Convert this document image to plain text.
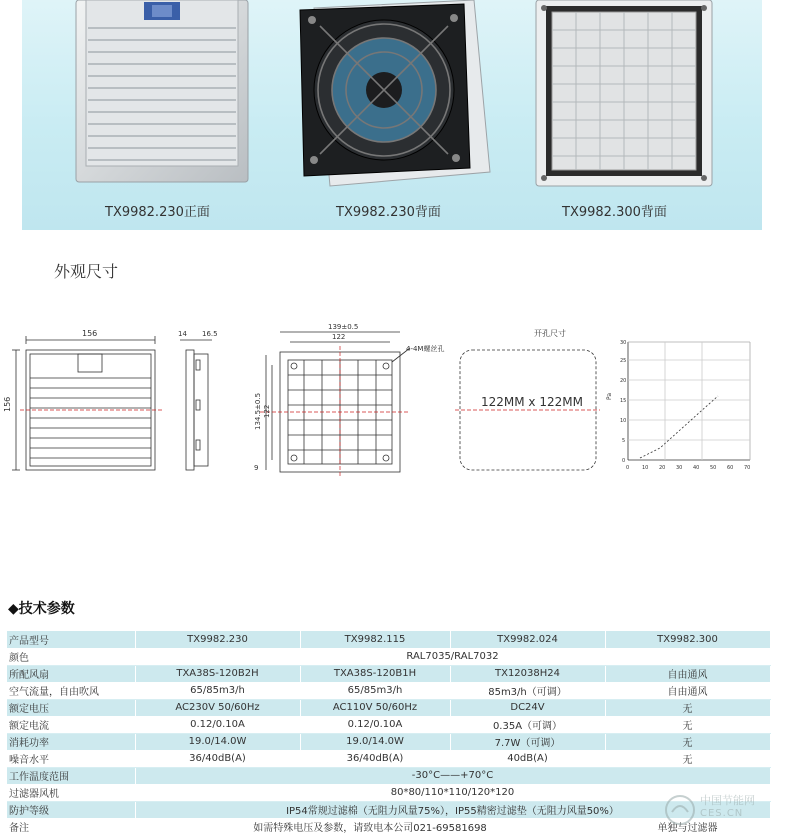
TX9982.230正面	TX9982.230背面	TX9982.300背面
外观尺寸
156
156
14 16.5
139±0.5
122
134.5±0.5 122
4-4M螺丝孔
9
开孔尺寸
122MM x 122MM	Pa
30
25
20
15
10
5
0
0	10 20 30 40 50 60 70
◆技术参数
产品型号	TX9982.230	TX9982.115	TX9982.024	TX9982.300
颜色	RAL7035/RAL7032			
所配风扇	TXA38S-120B2H	TXA38S-120B1H	TX12038H24	自由通风
空气流量，自由吹风	65/85m3/h	65/85m3/h	85m3/h（可调）	自由通风
额定电压	AC230V 50/60Hz	AC110V 50/60Hz	DC24V	无
额定电流	0.12/0.10A	0.12/0.10A	0.35A（可调）	无
消耗功率	19.0/14.0W	19.0/14.0W	7.7W（可调）	无
噪音水平	36/40dB(A)	36/40dB(A)	40dB(A)	无
工作温度范围	-30°C——+70°C			
过滤器风机	80*80/110*110/120*120			
防护等级	IP54常规过滤棉（无阻力风量75%），IP55精密过滤垫（无阻力风量50%）			
备注	如需特殊电压及参数，请致电本公司021-69581698			单独与过滤器
中国节能网
CES.CN
